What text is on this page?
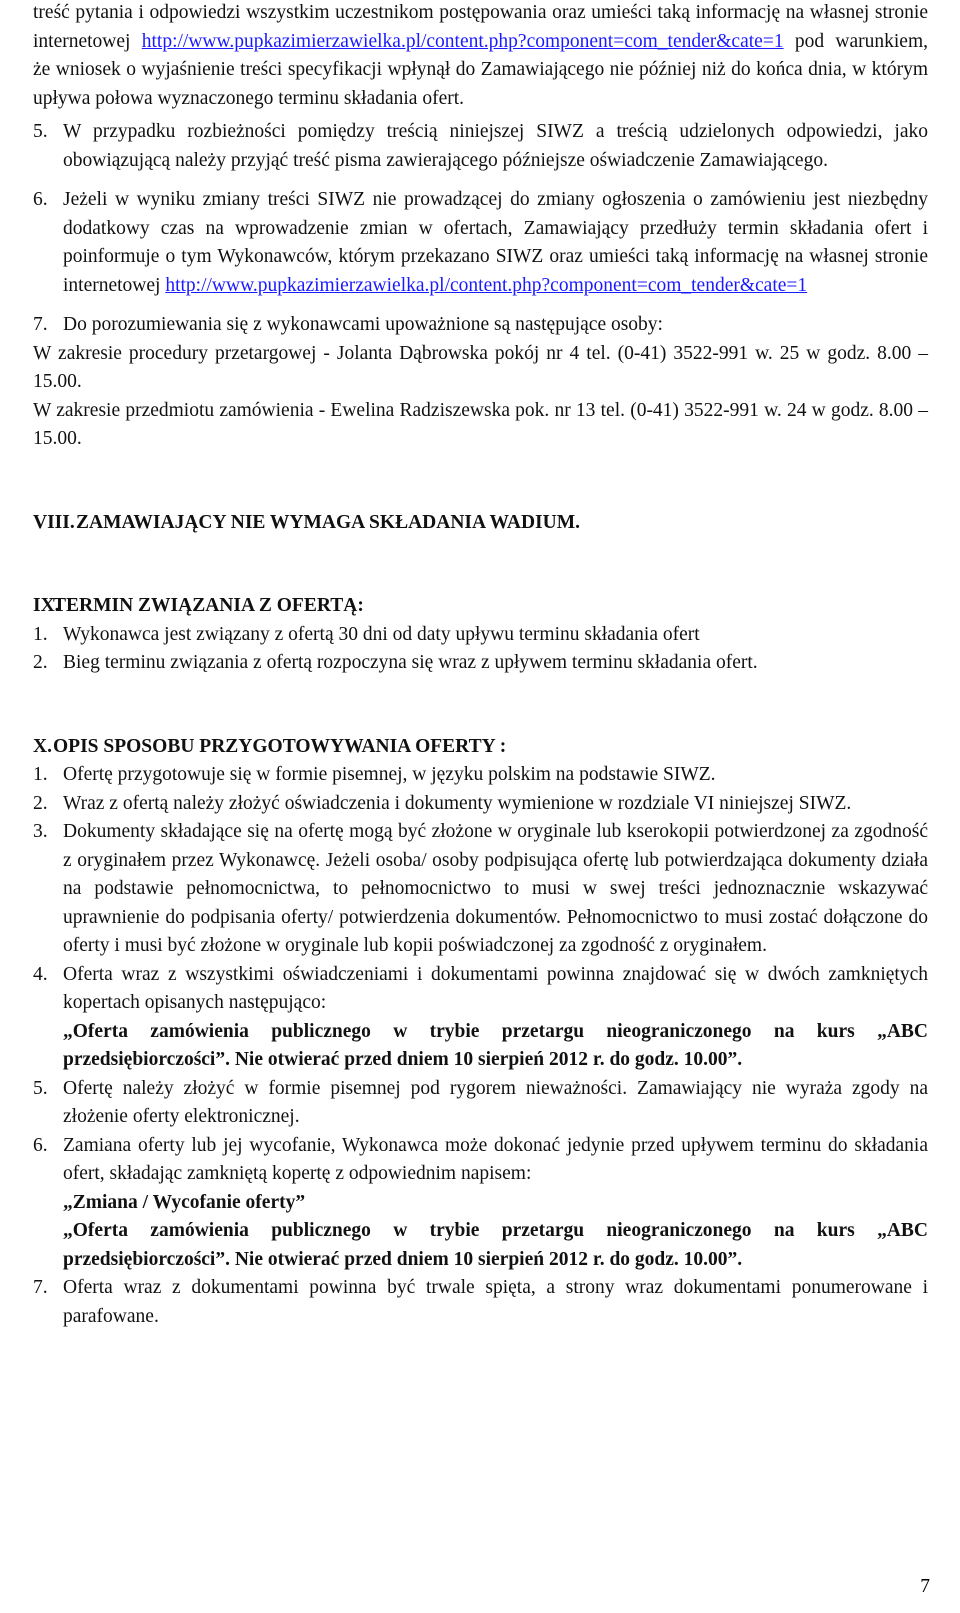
treść pytania i odpowiedzi wszystkim uczestnikom postępowania oraz umieści taką informację na własnej stronie internetowej http://www.pupkazimierzawielka.pl/content.php?component=com_tender&cate=1 pod warunkiem, że wniosek o wyjaśnienie treści specyfikacji wpłynął do Zamawiającego nie później niż do końca dnia, w którym upływa połowa wyznaczonego terminu składania ofert.
5. W przypadku rozbieżności pomiędzy treścią niniejszej SIWZ a treścią udzielonych odpowiedzi, jako obowiązującą należy przyjąć treść pisma zawierającego późniejsze oświadczenie Zamawiającego.
6. Jeżeli w wyniku zmiany treści SIWZ nie prowadzącej do zmiany ogłoszenia o zamówieniu jest niezbędny dodatkowy czas na wprowadzenie zmian w ofertach, Zamawiający przedłuży termin składania ofert i poinformuje o tym Wykonawców, którym przekazano SIWZ oraz umieści taką informację na własnej stronie internetowej http://www.pupkazimierzawielka.pl/content.php?component=com_tender&cate=1
7. Do porozumiewania się z wykonawcami upoważnione są następujące osoby:
W zakresie procedury przetargowej - Jolanta Dąbrowska pokój nr 4 tel. (0-41) 3522-991 w. 25 w godz. 8.00 – 15.00.
W zakresie przedmiotu zamówienia - Ewelina Radziszewska pok. nr 13 tel. (0-41) 3522-991 w. 24 w godz. 8.00 – 15.00.
VIII. ZAMAWIAJĄCY NIE WYMAGA SKŁADANIA WADIUM.
IX.
TERMIN ZWIĄZANIA Z OFERTĄ:
1. Wykonawca jest związany z ofertą 30 dni od daty upływu terminu składania ofert
2. Bieg terminu związania z ofertą rozpoczyna się wraz z upływem terminu składania ofert.
X. OPIS SPOSOBU PRZYGOTOWYWANIA OFERTY :
1. Ofertę przygotowuje się w formie pisemnej, w języku polskim na podstawie SIWZ.
2. Wraz z ofertą należy złożyć oświadczenia i dokumenty wymienione w rozdziale VI niniejszej SIWZ.
3. Dokumenty składające się na ofertę mogą być złożone w oryginale lub kserokopii potwierdzonej za zgodność z oryginałem przez Wykonawcę. Jeżeli osoba/ osoby podpisująca ofertę lub potwierdzająca dokumenty działa na podstawie pełnomocnictwa, to pełnomocnictwo to musi w swej treści jednoznacznie wskazywać uprawnienie do podpisania oferty/ potwierdzenia dokumentów. Pełnomocnictwo to musi zostać dołączone do oferty i musi być złożone w oryginale lub kopii poświadczonej za zgodność z oryginałem.
4. Oferta wraz z wszystkimi oświadczeniami i dokumentami powinna znajdować się w dwóch zamkniętych kopertach opisanych następująco:
„Oferta zamówienia publicznego w trybie przetargu nieograniczonego na kurs „ABC przedsiębiorczości”. Nie otwierać przed dniem 10 sierpień 2012 r. do godz. 10.00”.
5. Ofertę należy złożyć w formie pisemnej pod rygorem nieważności. Zamawiający nie wyraża zgody na złożenie oferty elektronicznej.
6. Zamiana oferty lub jej wycofanie, Wykonawca może dokonać jedynie przed upływem terminu do składania ofert, składając zamkniętą kopertę z odpowiednim napisem:
„Zmiana / Wycofanie oferty”
„Oferta zamówienia publicznego w trybie przetargu nieograniczonego na kurs „ABC przedsiębiorczości”. Nie otwierać przed dniem 10 sierpień 2012 r. do godz. 10.00”.
7. Oferta wraz z dokumentami powinna być trwale spięta, a strony wraz dokumentami ponumerowane i parafowane.
7
